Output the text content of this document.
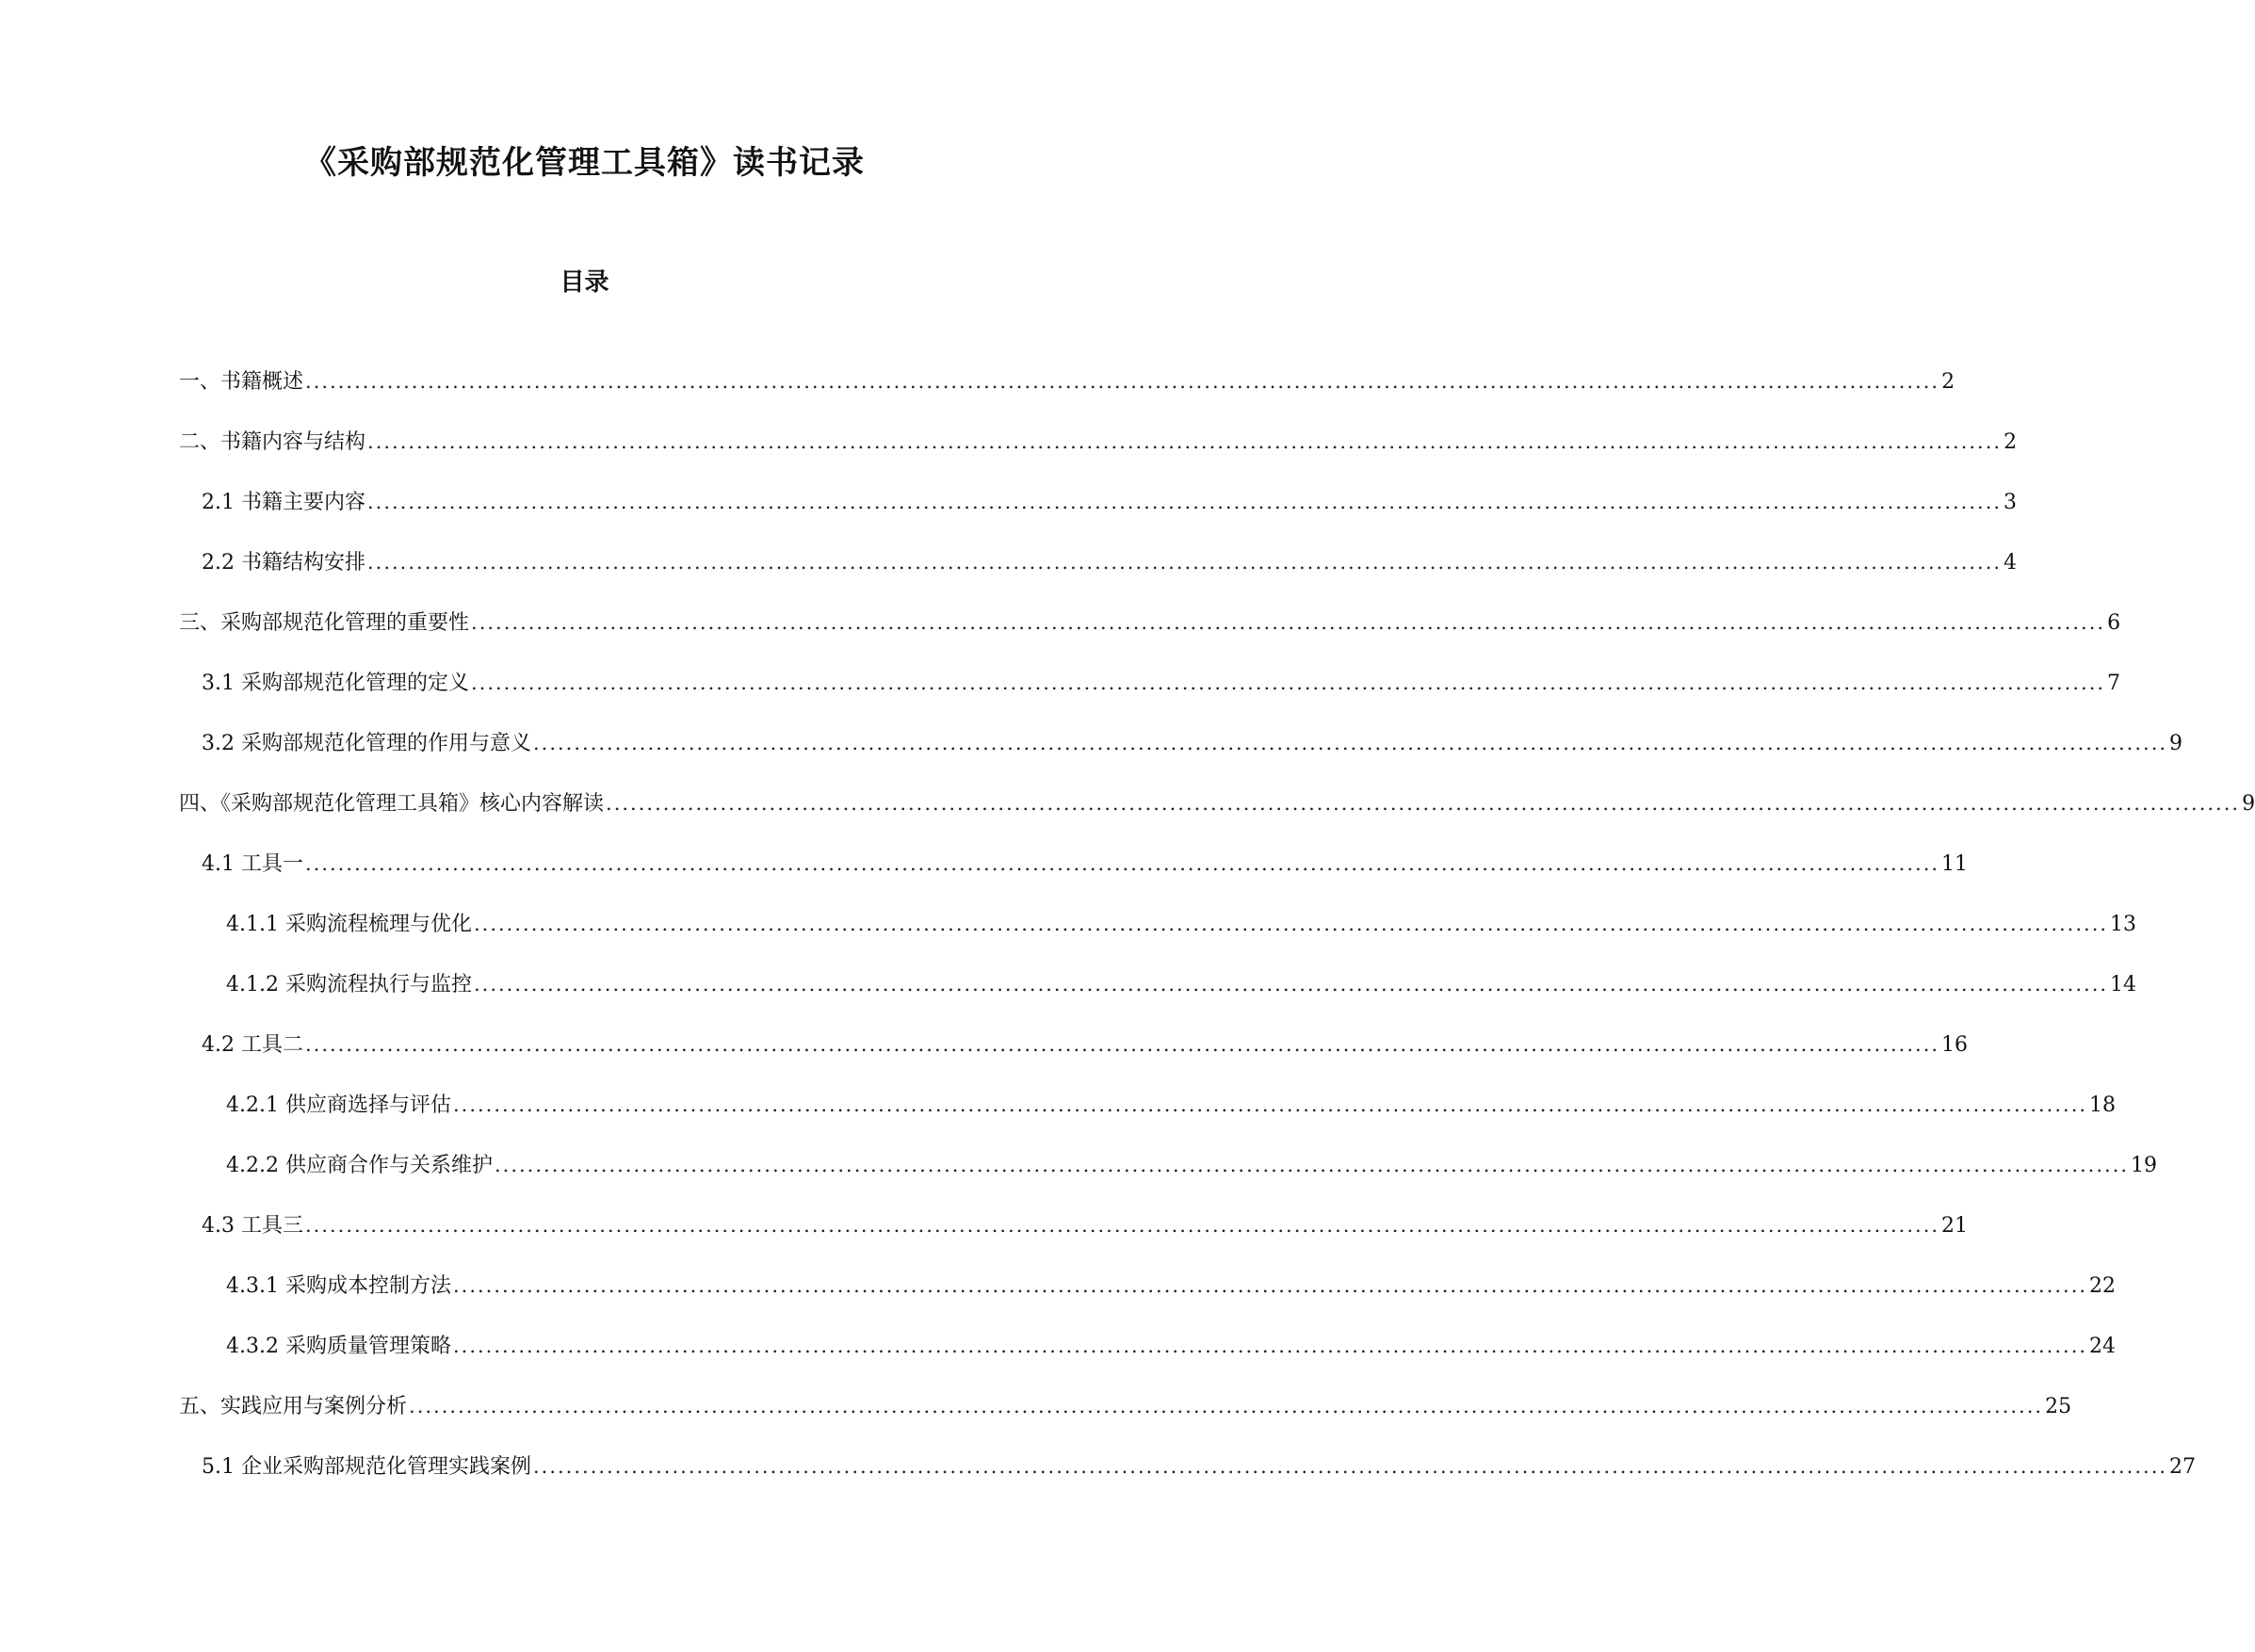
《采购部规范化管理工具箱》读书记录
目录
一、书籍概述 ........................................................................................................................................................................................................ 2
二、书籍内容与结构 ........................................................................................................................................................................................................ 2
2.1 书籍主要内容 ........................................................................................................................................................................................................ 3
2.2 书籍结构安排 ........................................................................................................................................................................................................ 4
三、采购部规范化管理的重要性 ........................................................................................................................................................................................................ 6
3.1 采购部规范化管理的定义 ........................................................................................................................................................................................................ 7
3.2 采购部规范化管理的作用与意义 ........................................................................................................................................................................................................ 9
四、《采购部规范化管理工具箱》核心内容解读 ........................................................................................................................................................................................................ 9
4.1 工具一 ........................................................................................................................................................................................................ 11
4.1.1 采购流程梳理与优化 ........................................................................................................................................................................................................ 13
4.1.2 采购流程执行与监控 ........................................................................................................................................................................................................ 14
4.2 工具二 ........................................................................................................................................................................................................ 16
4.2.1 供应商选择与评估 ........................................................................................................................................................................................................ 18
4.2.2 供应商合作与关系维护 ........................................................................................................................................................................................................ 19
4.3 工具三 ........................................................................................................................................................................................................ 21
4.3.1 采购成本控制方法 ........................................................................................................................................................................................................ 22
4.3.2 采购质量管理策略 ........................................................................................................................................................................................................ 24
五、实践应用与案例分析 ........................................................................................................................................................................................................ 25
5.1 企业采购部规范化管理实践案例 ........................................................................................................................................................................................................ 27
